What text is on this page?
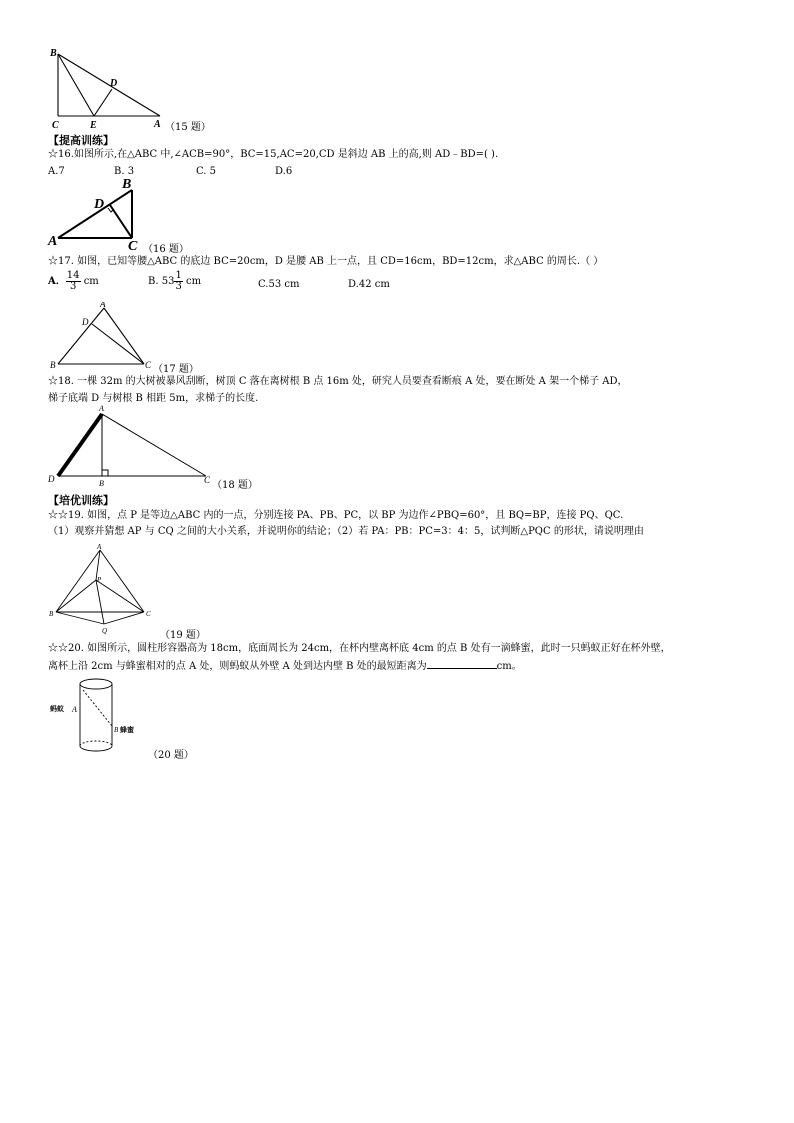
B
D
C	E	A （15 题）
【提高训练】
☆16.如图所示,在△ABC 中,∠ACB=90°，BC=15,AC=20,CD 是斜边 AB 上的高,则 AD﹣BD=( ).
A.7	B. 3	C. 5	D.6
B
D
A	C （16 题）
☆17. 如图，已知等腰△ABC 的底边 BC=20cm，D 是腰 AB 上一点，且 CD=16cm，BD=12cm，求△ABC 的周长.（ ）
A． $\frac{14}{3}$ cm	B. $53 \frac{1}{3}$ cm	C.53 cm	D.42 cm
A
D
B	C （17 题）
☆18. 一棵 32m 的大树被暴风刮断，树顶 C 落在离树根 B 点 16m 处，研究人员要查看断痕 A 处，要在断处 A 架一个梯子 AD，
梯子底端 D 与树根 B 相距 5m，求梯子的长度.
A
D	B	C （18 题）
【培优训练】
☆☆19. 如图，点 P 是等边△ABC 内的一点，分别连接 PA、PB、PC，以 BP 为边作∠PBQ=60°，且 BQ=BP，连接 PQ、QC.
（1）观察并猜想 AP 与 CQ 之间的大小关系，并说明你的结论；（2）若 PA：PB：PC=3：4：5，试判断△PQC 的形状，请说明理由
A
P
B	C
Q	（19 题）
☆☆20. 如图所示，圆柱形容器高为 18cm，底面周长为 24cm，在杯内壁离杯底 4cm 的点 B 处有一滴蜂蜜，此时一只蚂蚁正好在杯外壁，
离杯上沿 2cm 与蜂蜜相对的点 A 处，则蚂蚁从外壁 A 处到达内壁 B 处的最短距离为	cm。
蚂蚁 A
B 蜂蜜
（20 题）
